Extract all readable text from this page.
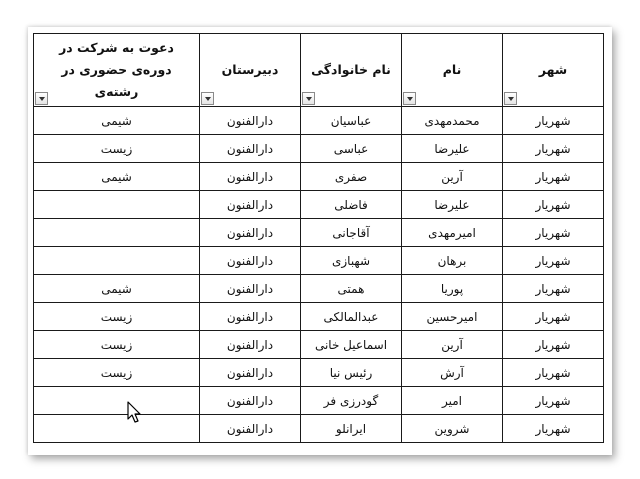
شهر	نام	نام خانوادگی	دبیرستان	دعوت به شرکت در دوره‌ی حضوری در رشته‌ی

شهریار	محمدمهدی	عباسیان	دارالفنون	شیمی
شهریار	علیرضا	عباسی	دارالفنون	زیست
شهریار	آرین	صفری	دارالفنون	شیمی
شهریار	علیرضا	فاضلی	دارالفنون	
شهریار	امیرمهدی	آقاجانی	دارالفنون	
شهریار	برهان	شهبازی	دارالفنون	
شهریار	پوریا	همتی	دارالفنون	شیمی
شهریار	امیرحسین	عبدالمالکی	دارالفنون	زیست
شهریار	آرین	اسماعیل خانی	دارالفنون	زیست
شهریار	آرش	رئیس نیا	دارالفنون	زیست
شهریار	امیر	گودرزی فر	دارالفنون	
شهریار	شروین	ایرانلو	دارالفنون	
